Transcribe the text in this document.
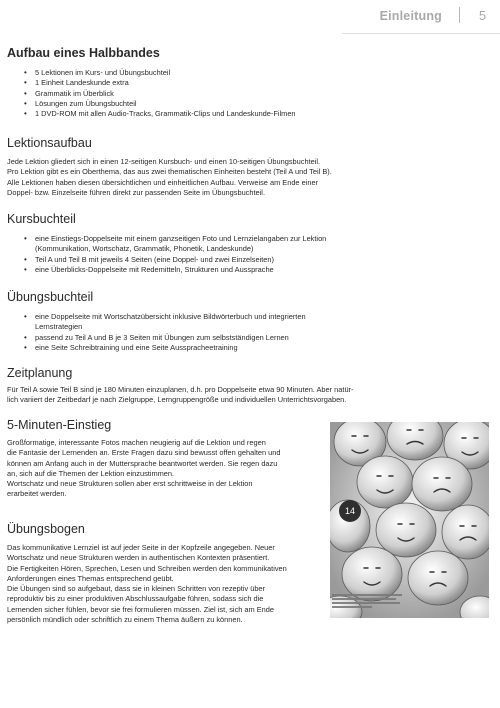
Einleitung	5
Aufbau eines Halbbandes
• 5 Lektionen im Kurs- und Übungsbuchteil
• 1 Einheit Landeskunde extra
• Grammatik im Überblick
• Lösungen zum Übungsbuchteil
• 1 DVD-ROM mit allen Audio-Tracks, Grammatik-Clips und Landeskunde-Filmen
Lektionsaufbau

Jede Lektion gliedert sich in einen 12-seitigen Kursbuch- und einen 10-seitigen Übungsbuchteil.

Pro Lektion gibt es ein Oberthema, das aus zwei thematischen Einheiten besteht (Teil A und Teil B).

Alle Lektionen haben diesen übersichtlichen und einheitlichen Aufbau. Verweise am Ende einer

Doppel- bzw. Einzelseite führen direkt zur passenden Seite im Übungsbuchteil.

Kursbuchteil
• eine Einstiegs-Doppelseite mit einem ganzseitigen Foto und Lernzielangaben zur Lektion
(Kommunikation, Wortschatz, Grammatik, Phonetik, Landeskunde)
• Teil A und Teil B mit jeweils 4 Seiten (eine Doppel- und zwei Einzelseiten)
• eine Überblicks-Doppelseite mit Redemitteln, Strukturen und Aussprache
Übungsbuchteil
• eine Doppelseite mit Wortschatzübersicht inklusive Bildwörterbuch und integrierten
Lernstrategien
• passend zu Teil A und B je 3 Seiten mit Übungen zum selbstständigen Lernen
• eine Seite Schreibtraining und eine Seite Ausspracheetraining
Zeitplanung

Für Teil A sowie Teil B sind je 180 Minuten einzuplanen, d.h. pro Doppelseite etwa 90 Minuten. Aber natür-

lich variiert der Zeitbedarf je nach Zielgruppe, Lerngruppengröße und individuellen Unterrichtsvorgaben.

5-Minuten-Einstieg

Großformatige, interessante Fotos machen neugierig auf die Lektion und regen

die Fantasie der Lernenden an. Erste Fragen dazu sind bewusst offen gehalten und

können am Anfang auch in der Muttersprache beantwortet werden. Sie regen dazu

an, sich auf die Themen der Lektion einzustimmen.

Wortschatz und neue Strukturen sollen aber erst schrittweise in der Lektion

erarbeitet werden.

Übungsbogen

Das kommunikative Lernziel ist auf jeder Seite in der Kopfzeile angegeben. Neuer

Wortschatz und neue Strukturen werden in authentischen Kontexten präsentiert.

Die Fertigkeiten Hören, Sprechen, Lesen und Schreiben werden den kommunikativen

Anforderungen eines Themas entsprechend geübt.

Die Übungen sind so aufgebaut, dass sie in kleinen Schritten von rezeptiv über

reproduktiv bis zu einer produktiven Abschlussaufgabe führen, sodass sich die

Lernenden sicher fühlen, bevor sie frei formulieren müssen. Ziel ist, sich am Ende

persönlich mündlich oder schriftlich zu einem Thema äußern zu können.

14
